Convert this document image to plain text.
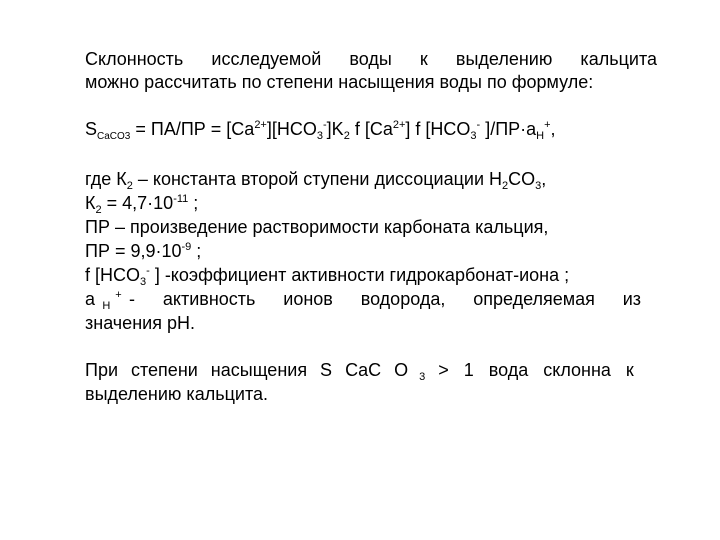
Склонность исследуемой воды к выделению кальцита
можно рассчитать по степени насыщения воды по формуле:
$S_{CaCO3} = ПА/ПР = [Ca^{2+}][HCO_3^-]K_2$ f $[Ca^{2+}]$ f [$HCO_3^-$ ]$/ПР\cdot a_H^+$,
где $К_2$ – константа второй ступени диссоциации $H_2CO_3$,
$К_2 = 4,7\cdot 10^{-11}$ ;
ПР – произведение растворимости карбоната кальция,
ПР = $9,9\cdot 10^{-9}$ ;
f [$HCO_3^-$ ] -коэффициент активности гидрокарбонат-иона ;
а $_Н$ + - активность ионов водорода, определяемая из
значения pH.
При степени насыщения S CaC O $_3$ > 1 вода склонна к
выделению кальцита.
